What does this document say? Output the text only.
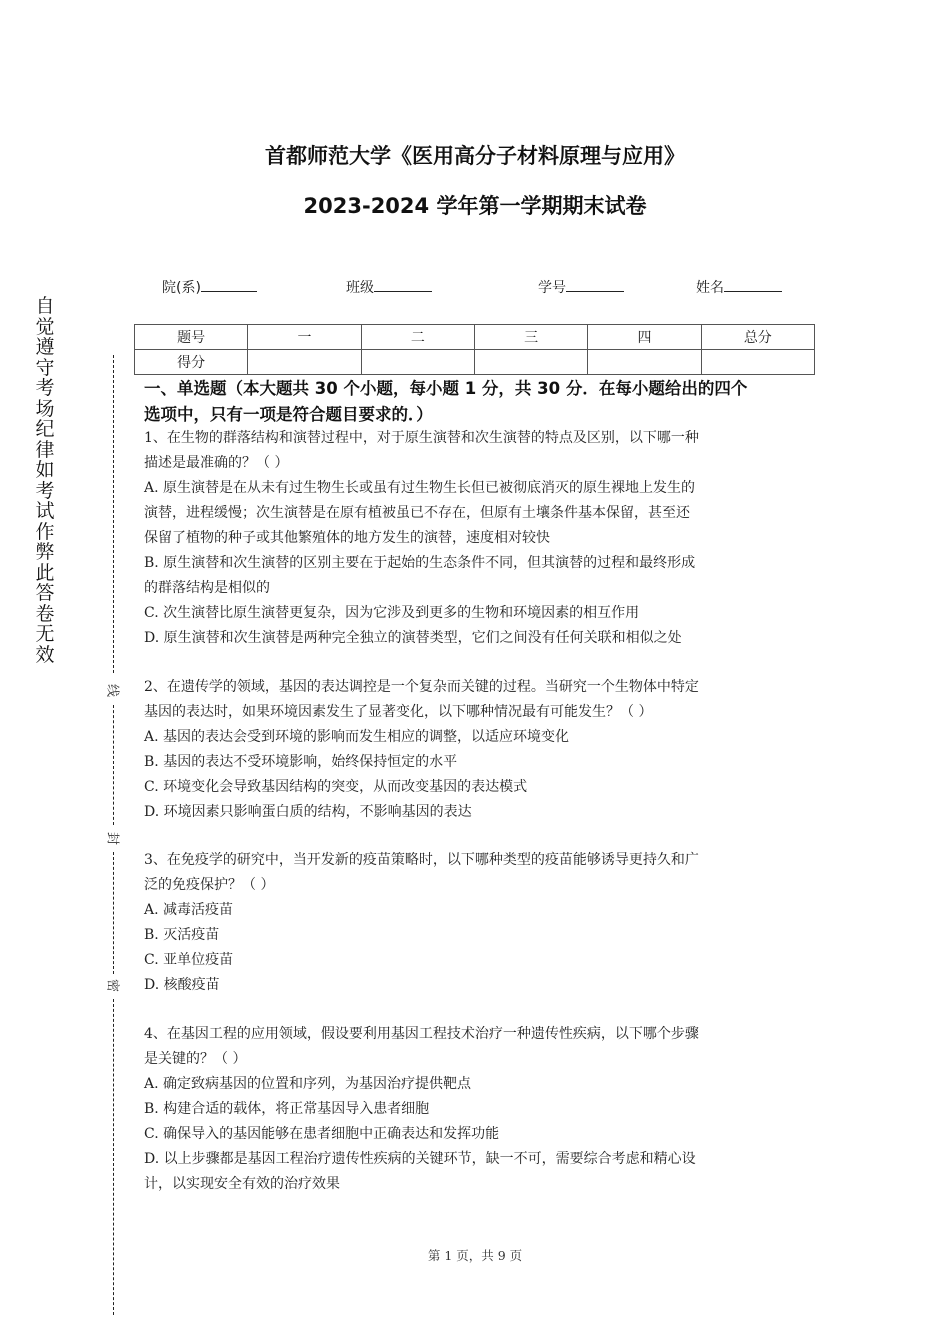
自
觉
遵
守
考
场
纪
律
如
考
试
作
弊
此
答
卷
无
效
线
封
密
首都师范大学《医用高分子材料原理与应用》
2023-2024 学年第一学期期末试卷
院(系)	班级	学号	姓名
题号	一	二	三	四	总分
得分					
一、单选题（本大题共 30 个小题，每小题 1 分，共 30 分．在每小题给出的四个
选项中，只有一项是符合题目要求的．）

1、在生物的群落结构和演替过程中，对于原生演替和次生演替的特点及区别，以下哪一种

描述是最准确的？（ ）

A. 原生演替是在从未有过生物生长或虽有过生物生长但已被彻底消灭的原生裸地上发生的

演替，进程缓慢；次生演替是在原有植被虽已不存在，但原有土壤条件基本保留，甚至还

保留了植物的种子或其他繁殖体的地方发生的演替，速度相对较快

B. 原生演替和次生演替的区别主要在于起始的生态条件不同，但其演替的过程和最终形成

的群落结构是相似的

C. 次生演替比原生演替更复杂，因为它涉及到更多的生物和环境因素的相互作用

D. 原生演替和次生演替是两种完全独立的演替类型，它们之间没有任何关联和相似之处

2、在遗传学的领域，基因的表达调控是一个复杂而关键的过程。当研究一个生物体中特定

基因的表达时，如果环境因素发生了显著变化，以下哪种情况最有可能发生？（ ）

A. 基因的表达会受到环境的影响而发生相应的调整，以适应环境变化

B. 基因的表达不受环境影响，始终保持恒定的水平

C. 环境变化会导致基因结构的突变，从而改变基因的表达模式

D. 环境因素只影响蛋白质的结构，不影响基因的表达

3、在免疫学的研究中，当开发新的疫苗策略时，以下哪种类型的疫苗能够诱导更持久和广

泛的免疫保护？（ ）

A. 减毒活疫苗

B. 灭活疫苗

C. 亚单位疫苗

D. 核酸疫苗

4、在基因工程的应用领域，假设要利用基因工程技术治疗一种遗传性疾病，以下哪个步骤

是关键的？（ ）

A. 确定致病基因的位置和序列，为基因治疗提供靶点

B. 构建合适的载体，将正常基因导入患者细胞

C. 确保导入的基因能够在患者细胞中正确表达和发挥功能

D. 以上步骤都是基因工程治疗遗传性疾病的关键环节，缺一不可，需要综合考虑和精心设

计，以实现安全有效的治疗效果

第 1 页，共 9 页
